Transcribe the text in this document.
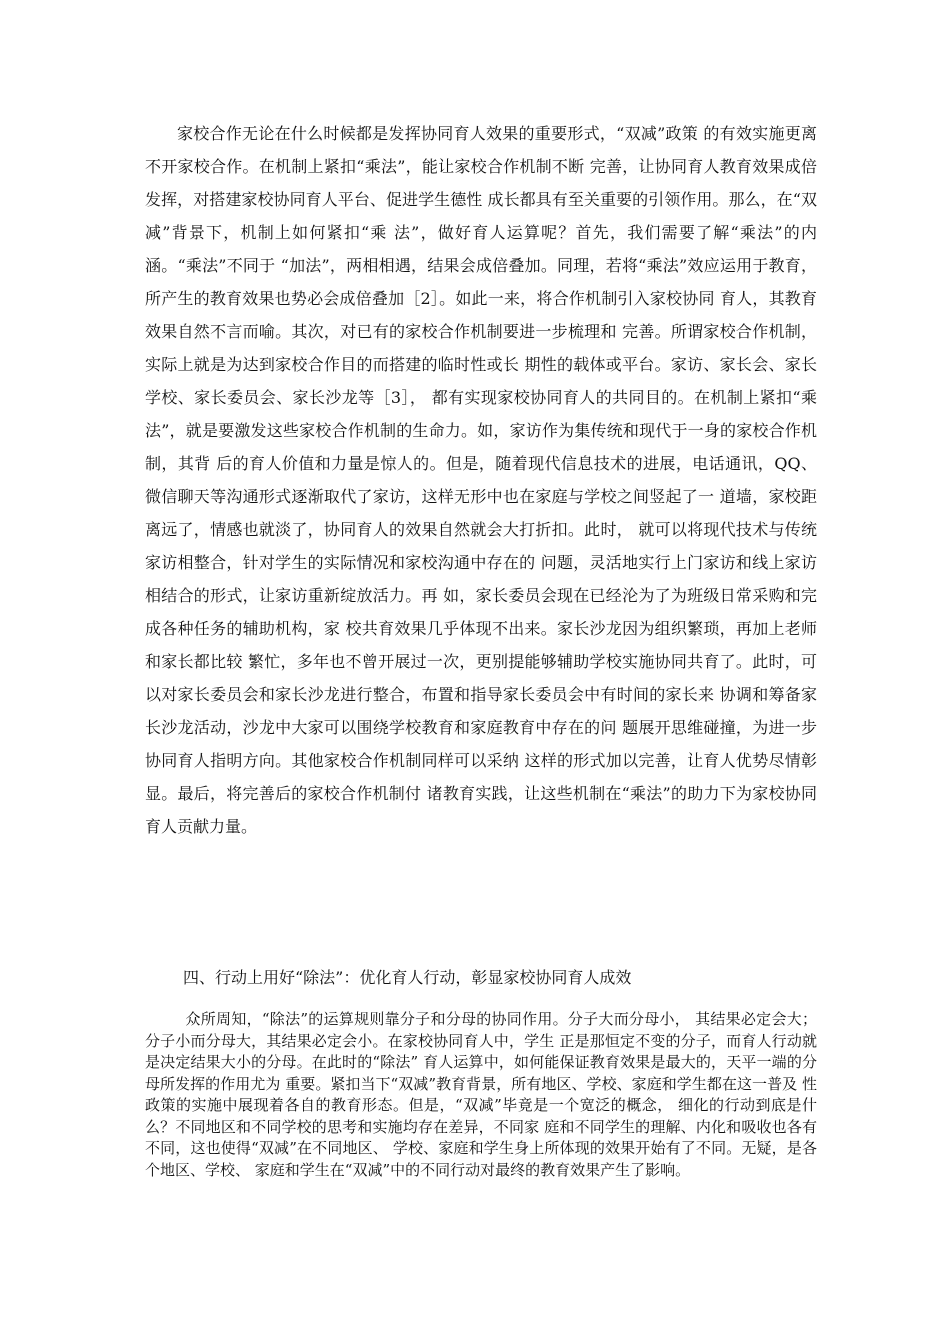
家校合作无论在什么时候都是发挥协同育人效果的重要形式，“双减”政策 的有效实施更离不开家校合作。在机制上紧扣“乘法”，能让家校合作机制不断 完善，让协同育人教育效果成倍发挥，对搭建家校协同育人平台、促进学生德性 成长都具有至关重要的引领作用。那么，在“双减”背景下，机制上如何紧扣“乘 法”，做好育人运算呢？首先，我们需要了解“乘法”的内涵。“乘法”不同于 “加法”，两相相遇，结果会成倍叠加。同理，若将“乘法”效应运用于教育， 所产生的教育效果也势必会成倍叠加［2］。如此一来，将合作机制引入家校协同 育人，其教育效果自然不言而喻。其次，对已有的家校合作机制要进一步梳理和 完善。所谓家校合作机制，实际上就是为达到家校合作目的而搭建的临时性或长 期性的载体或平台。家访、家长会、家长学校、家长委员会、家长沙龙等［3］， 都有实现家校协同育人的共同目的。在机制上紧扣“乘法”，就是要激发这些家校合作机制的生命力。如，家访作为集传统和现代于一身的家校合作机制，其背 后的育人价值和力量是惊人的。但是，随着现代信息技术的进展，电话通讯，QQ、 微信聊天等沟通形式逐渐取代了家访，这样无形中也在家庭与学校之间竖起了一 道墙，家校距离远了，情感也就淡了，协同育人的效果自然就会大打折扣。此时， 就可以将现代技术与传统家访相整合，针对学生的实际情况和家校沟通中存在的 问题，灵活地实行上门家访和线上家访相结合的形式，让家访重新绽放活力。再 如，家长委员会现在已经沦为了为班级日常采购和完成各种任务的辅助机构，家 校共育效果几乎体现不出来。家长沙龙因为组织繁琐，再加上老师和家长都比较 繁忙，多年也不曾开展过一次，更别提能够辅助学校实施协同共育了。此时，可 以对家长委员会和家长沙龙进行整合，布置和指导家长委员会中有时间的家长来 协调和筹备家长沙龙活动，沙龙中大家可以围绕学校教育和家庭教育中存在的问 题展开思维碰撞，为进一步协同育人指明方向。其他家校合作机制同样可以采纳 这样的形式加以完善，让育人优势尽情彰显。最后，将完善后的家校合作机制付 诸教育实践，让这些机制在“乘法”的助力下为家校协同育人贡献力量。

四、行动上用好“除法”：优化育人行动，彰显家校协同育人成效

众所周知，“除法”的运算规则靠分子和分母的协同作用。分子大而分母小， 其结果必定会大；分子小而分母大，其结果必定会小。在家校协同育人中，学生 正是那恒定不变的分子，而育人行动就是决定结果大小的分母。在此时的“除法” 育人运算中，如何能保证教育效果是最大的，天平一端的分母所发挥的作用尤为 重要。紧扣当下“双减”教育背景，所有地区、学校、家庭和学生都在这一普及 性政策的实施中展现着各自的教育形态。但是，“双减”毕竟是一个宽泛的概念， 细化的行动到底是什么？不同地区和不同学校的思考和实施均存在差异，不同家 庭和不同学生的理解、内化和吸收也各有不同，这也使得“双减”在不同地区、 学校、家庭和学生身上所体现的效果开始有了不同。无疑，是各个地区、学校、 家庭和学生在“双减”中的不同行动对最终的教育效果产生了影响。
